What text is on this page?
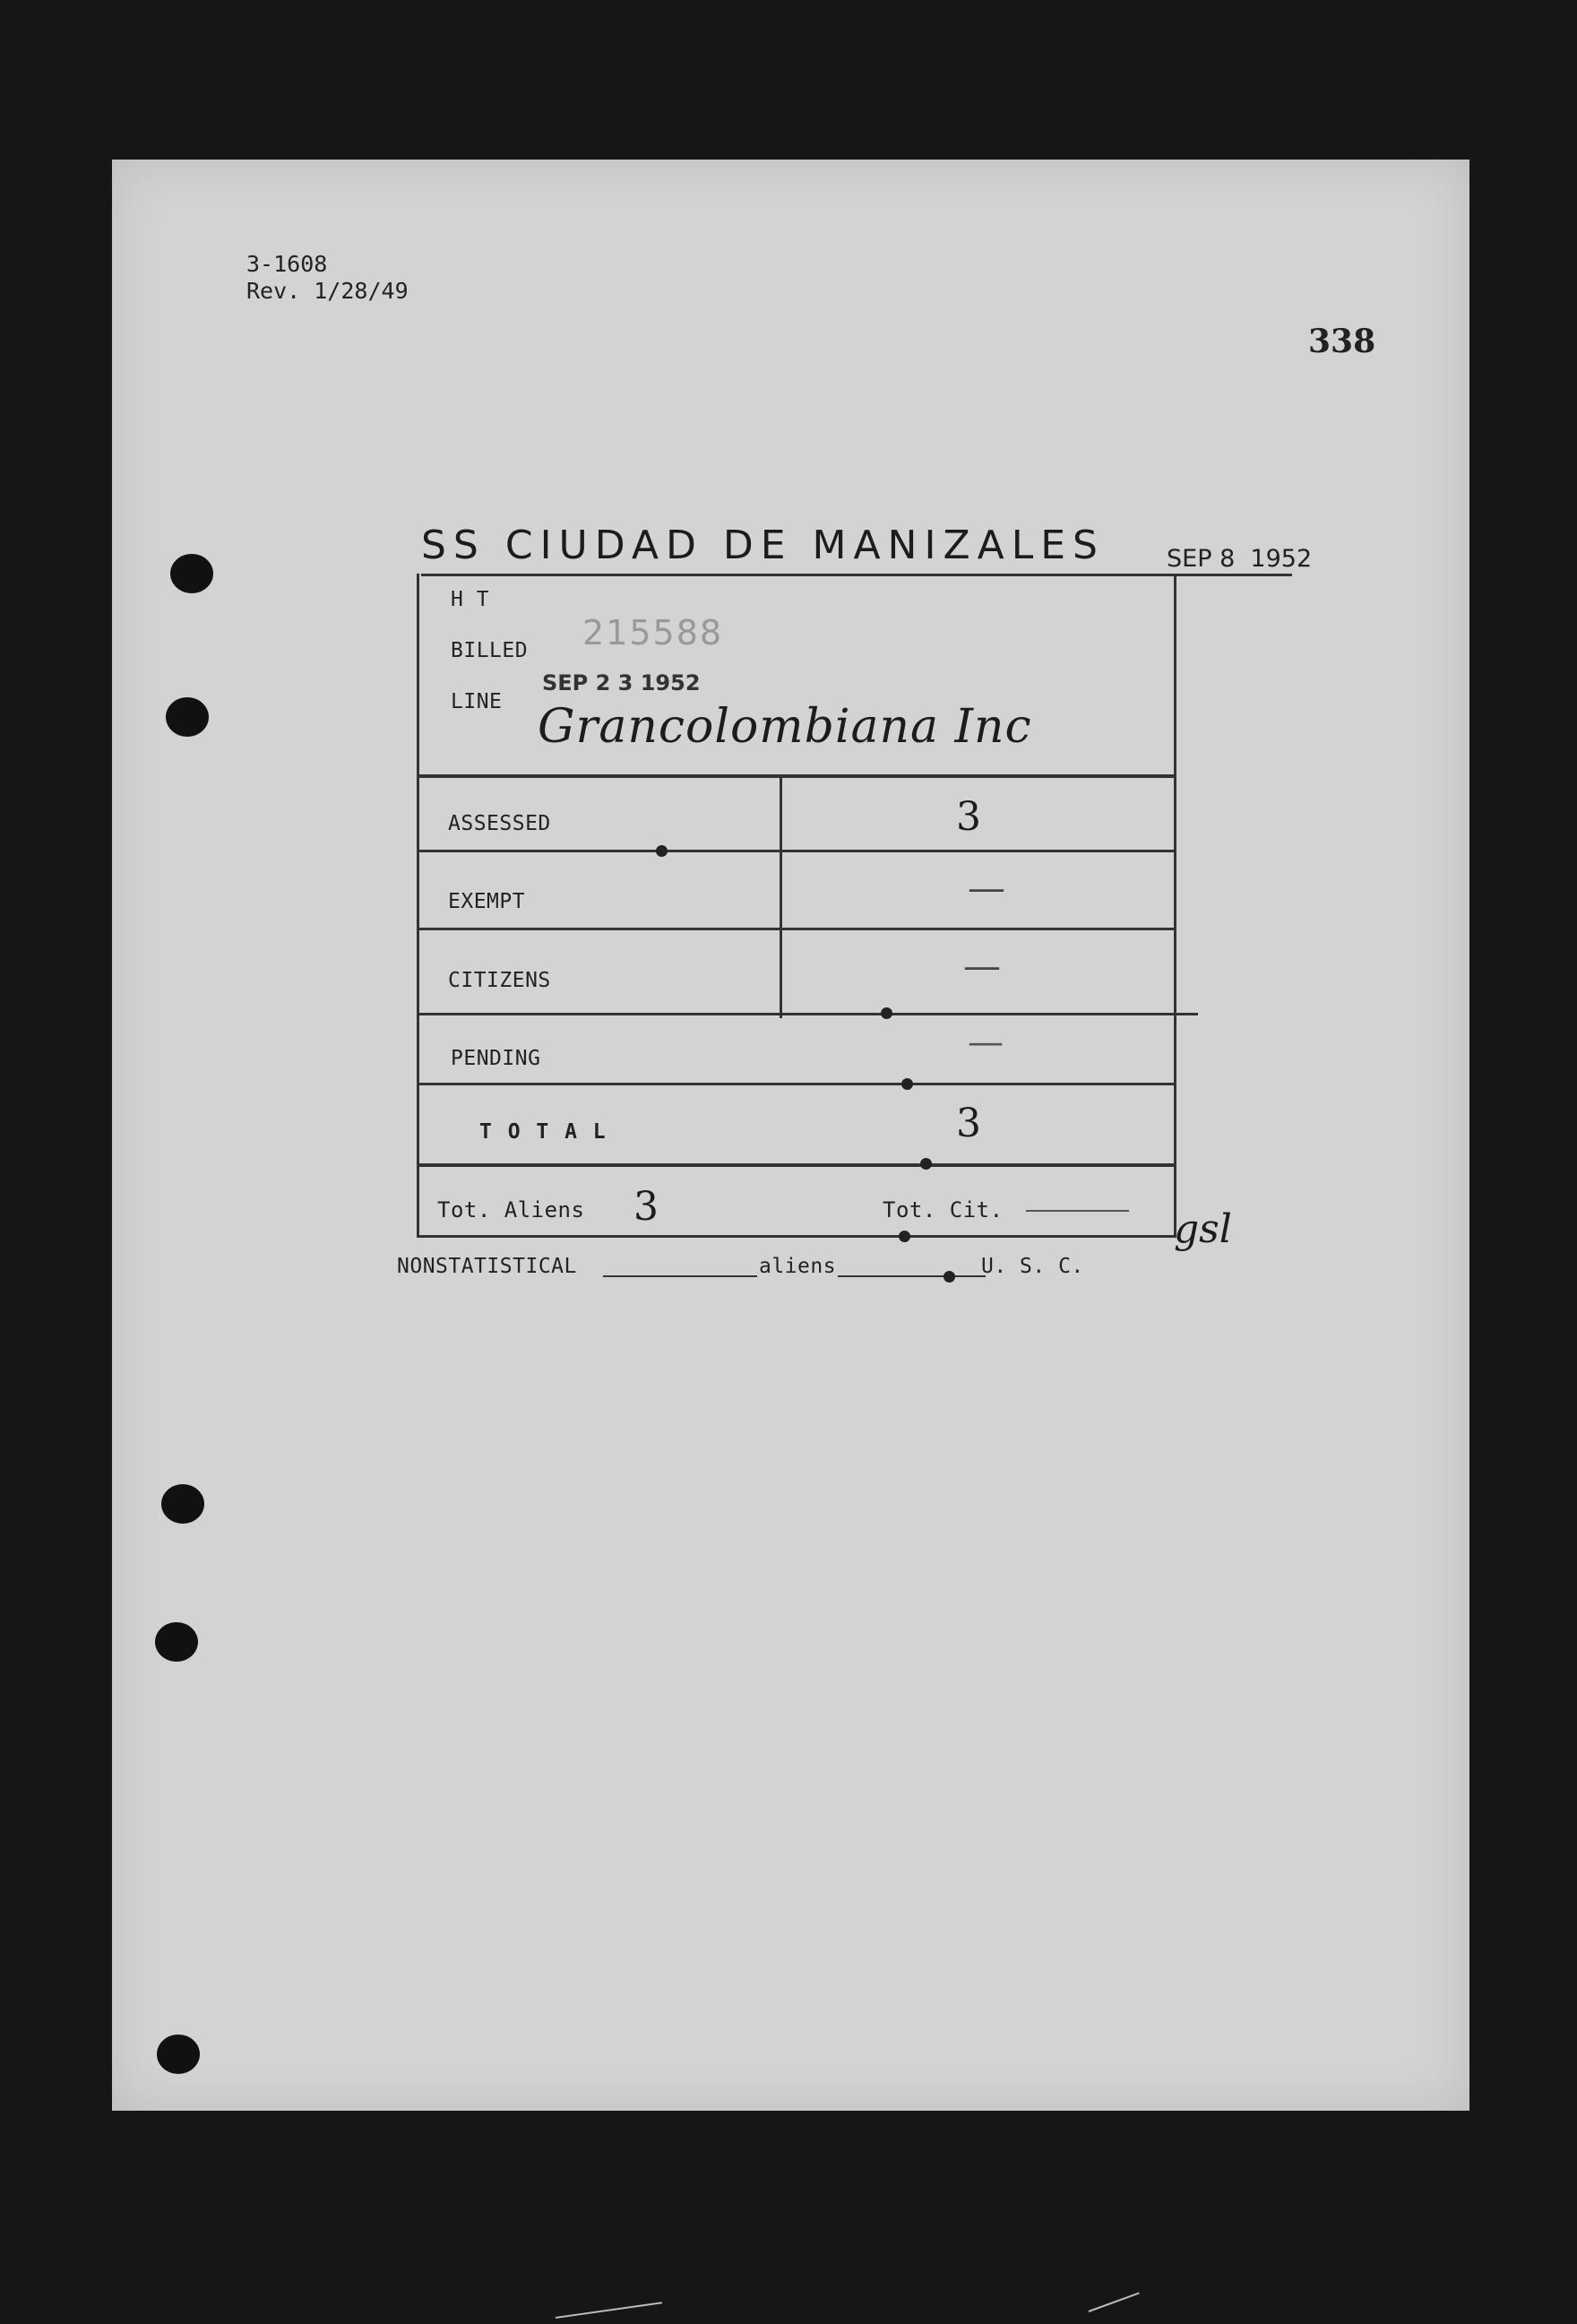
3-1608
Rev. 1/28/49
338
SS CIUDAD DE MANIZALES	SEP 8  1952
H T
BILLED
LINE
215588
SEP 2 3 1952
Grancolombiana Inc
ASSESSED	3
EXEMPT	—
CITIZENS	—
PENDING	—
T O T A L	3
Tot. Aliens 3	Tot. Cit.	gsl
NONSTATISTICAL	aliens	U. S. C.
